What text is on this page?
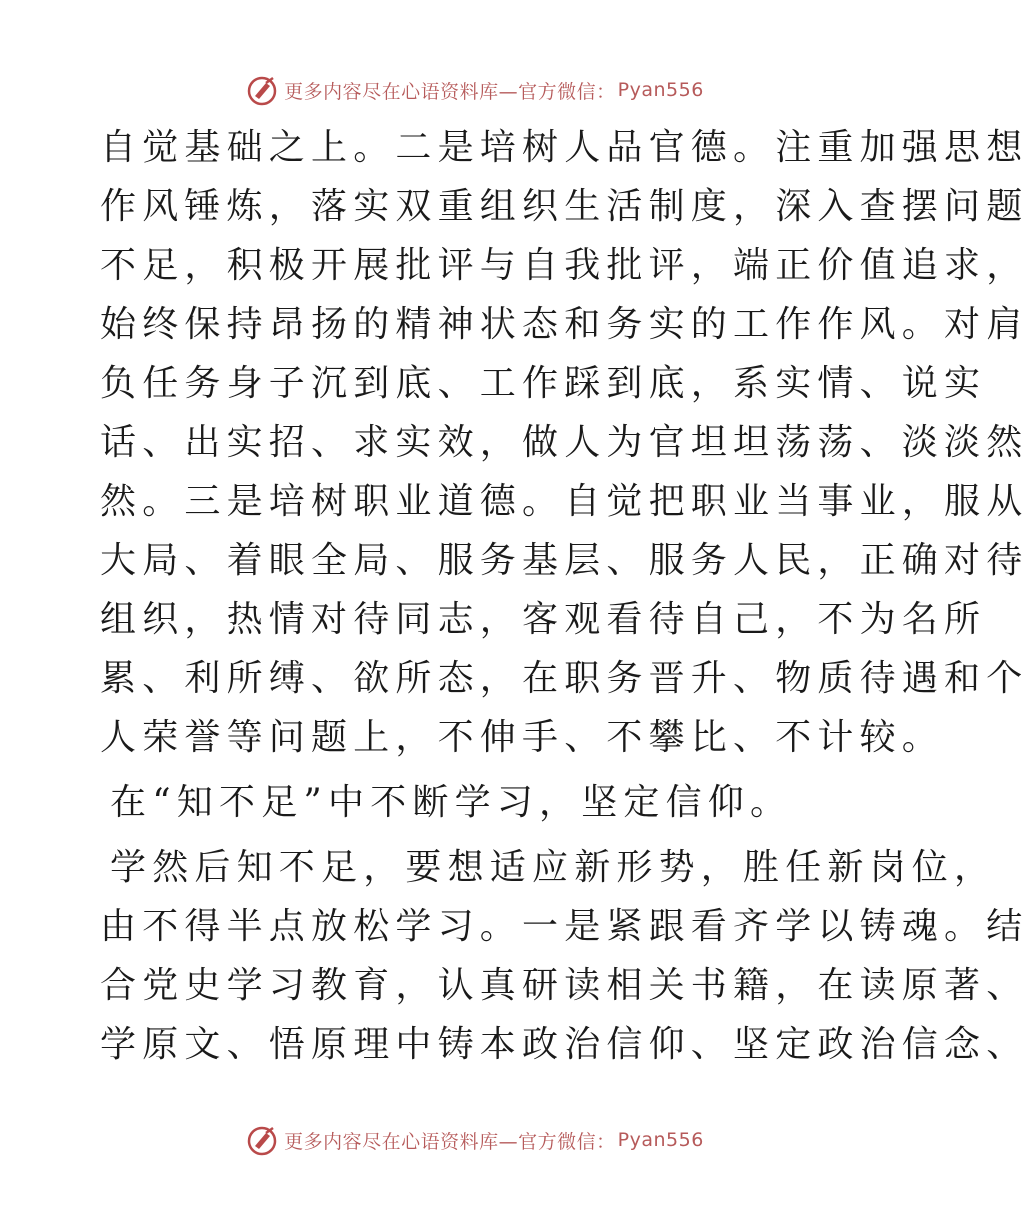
更多内容尽在心语资料库—官方微信： Pyan556
自觉基础之上。二是培树人品官德。注重加强思想
作风锤炼，落实双重组织生活制度，深入查摆问题
不足，积极开展批评与自我批评，端正价值追求，
始终保持昂扬的精神状态和务实的工作作风。对肩
负任务身子沉到底、工作踩到底，系实情、说实
话、出实招、求实效，做人为官坦坦荡荡、淡淡然
然。三是培树职业道德。自觉把职业当事业，服从
大局、着眼全局、服务基层、服务人民，正确对待
组织，热情对待同志，客观看待自己，不为名所
累、利所缚、欲所态，在职务晋升、物质待遇和个
人荣誉等问题上，不伸手、不攀比、不计较。
在“知不足”中不断学习，坚定信仰。
学然后知不足，要想适应新形势，胜任新岗位，
由不得半点放松学习。一是紧跟看齐学以铸魂。结
合党史学习教育，认真研读相关书籍，在读原著、
学原文、悟原理中铸本政治信仰、坚定政治信念、
更多内容尽在心语资料库—官方微信： Pyan556
